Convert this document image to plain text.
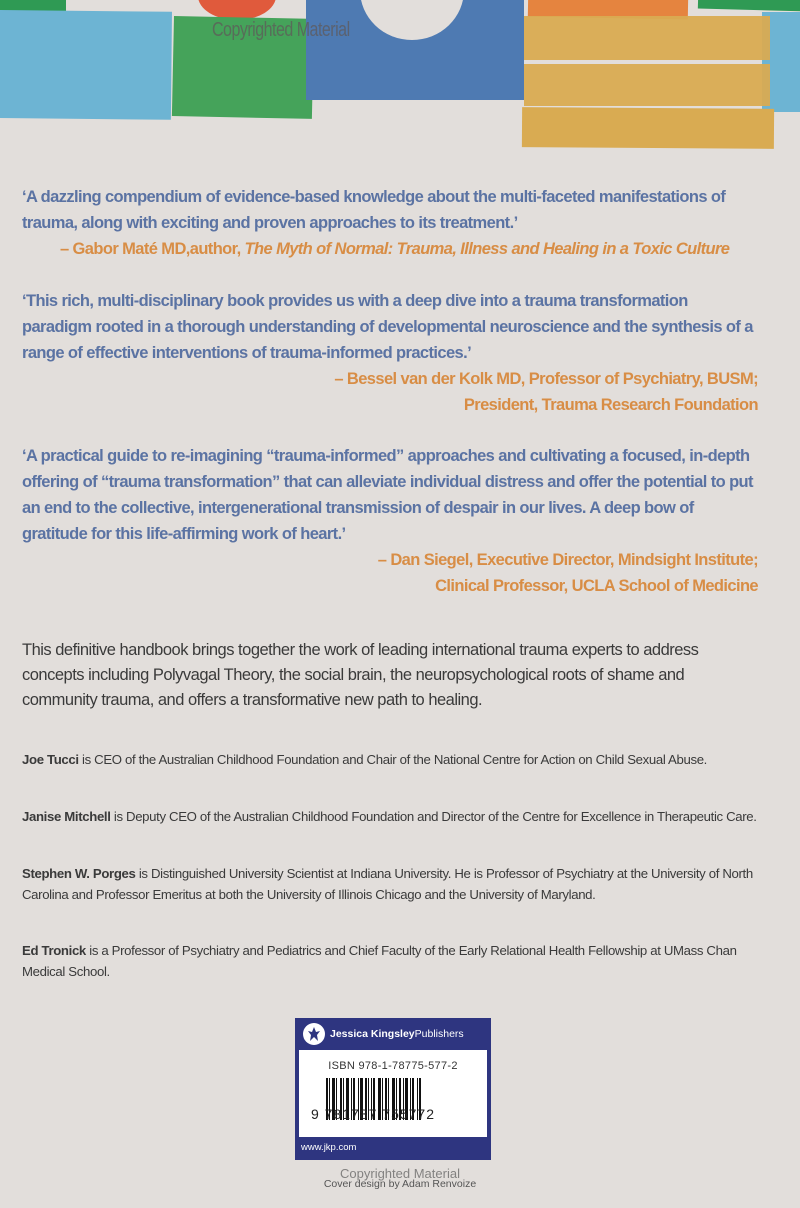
Copyrighted Material

‘A dazzling compendium of evidence-based knowledge about the multi-faceted manifestations of trauma, along with exciting and proven approaches to its treatment.’

– Gabor Maté MD,author, The Myth of Normal: Trauma, Illness and Healing in a Toxic Culture

‘This rich, multi-disciplinary book provides us with a deep dive into a trauma transformation paradigm rooted in a thorough understanding of developmental neuroscience and the synthesis of a range of effective interventions of trauma-informed practices.’

– Bessel van der Kolk MD, Professor of Psychiatry, BUSM;

President, Trauma Research Foundation

‘A practical guide to re-imagining “trauma-informed” approaches and cultivating a focused, in-depth offering of “trauma transformation” that can alleviate individual distress and offer the potential to put an end to the collective, intergenerational transmission of despair in our lives. A deep bow of gratitude for this life-affirming work of heart.’

– Dan Siegel, Executive Director, Mindsight Institute;

Clinical Professor, UCLA School of Medicine

This definitive handbook brings together the work of leading international trauma experts to address concepts including Polyvagal Theory, the social brain, the neuropsychological roots of shame and community trauma, and offers a transformative new path to healing.

Joe Tucci is CEO of the Australian Childhood Foundation and Chair of the National Centre for Action on Child Sexual Abuse.

Janise Mitchell is Deputy CEO of the Australian Childhood Foundation and Director of the Centre for Excellence in Therapeutic Care.

Stephen W. Porges is Distinguished University Scientist at Indiana University. He is Professor of Psychiatry at the University of North Carolina and Professor Emeritus at both the University of Illinois Chicago and the University of Maryland.

Ed Tronick is a Professor of Psychiatry and Pediatrics and Chief Faculty of the Early Relational Health Fellowship at UMass Chan Medical School.

Jessica Kingsley Publishers
ISBN 978-1-78775-577-2
9 781787 755772
www.jkp.com
Copyrighted Material
Cover design by Adam Renvoize
